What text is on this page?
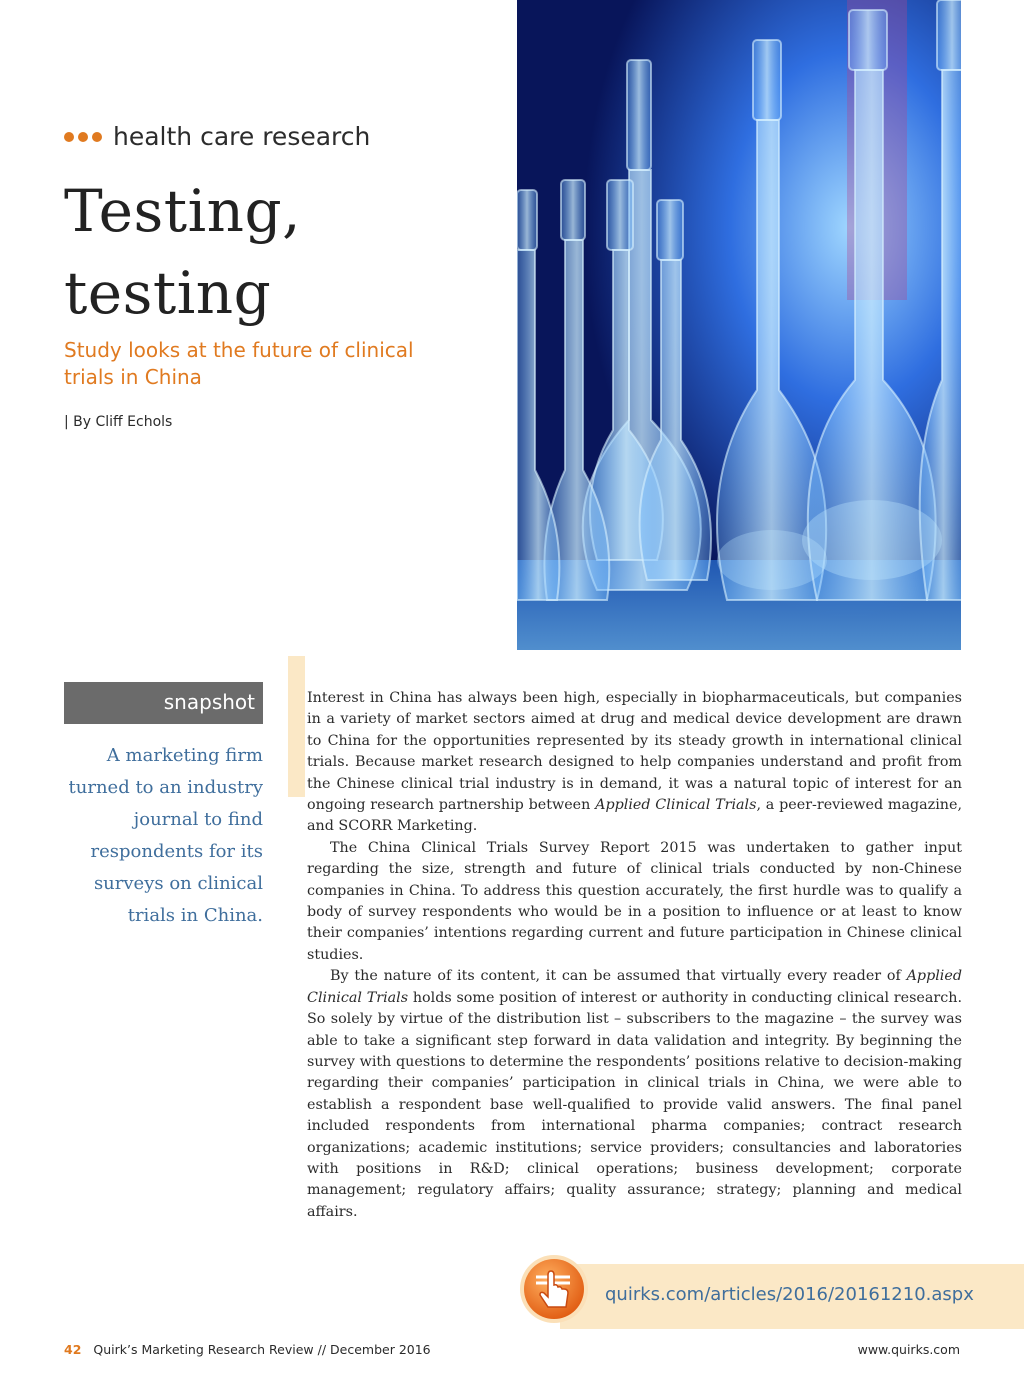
health care research
Testing,
testing
Study looks at the future of clinical trials in China
| By Cliff Echols
snapshot
A marketing firm turned to an industry journal to find respondents for its surveys on clinical trials in China.

Interest in China has always been high, especially in biopharmaceuticals, but companies in a variety of market sectors aimed at drug and medical device development are drawn to China for the opportunities represented by its steady growth in international clinical trials. Because market research designed to help companies understand and profit from the Chinese clinical trial industry is in demand, it was a natural topic of interest for an ongoing research partnership between Applied Clinical Trials, a peer-reviewed magazine, and SCORR Marketing.

The China Clinical Trials Survey Report 2015 was undertaken to gather input regarding the size, strength and future of clinical trials conducted by non-Chinese companies in China. To address this question accurately, the first hurdle was to qualify a body of survey respondents who would be in a position to influence or at least to know their companies’ intentions regarding current and future participation in Chinese clinical studies.

By the nature of its content, it can be assumed that virtually every reader of Applied Clinical Trials holds some position of interest or authority in conducting clinical research. So solely by virtue of the distribution list – subscribers to the magazine – the survey was able to take a significant step forward in data validation and integrity. By beginning the survey with questions to determine the respondents’ positions relative to decision-making regarding their companies’ participation in clinical trials in China, we were able to establish a respondent base well-qualified to provide valid answers. The final panel included respondents from international pharma companies; contract research organizations; academic institutions; service providers; consultancies and laboratories with positions in R&D; clinical operations; business development; corporate management; regulatory affairs; quality assurance; strategy; planning and medical affairs.

quirks.com/articles/2016/20161210.aspx
42 Quirk’s Marketing Research Review // December 2016	www.quirks.com
